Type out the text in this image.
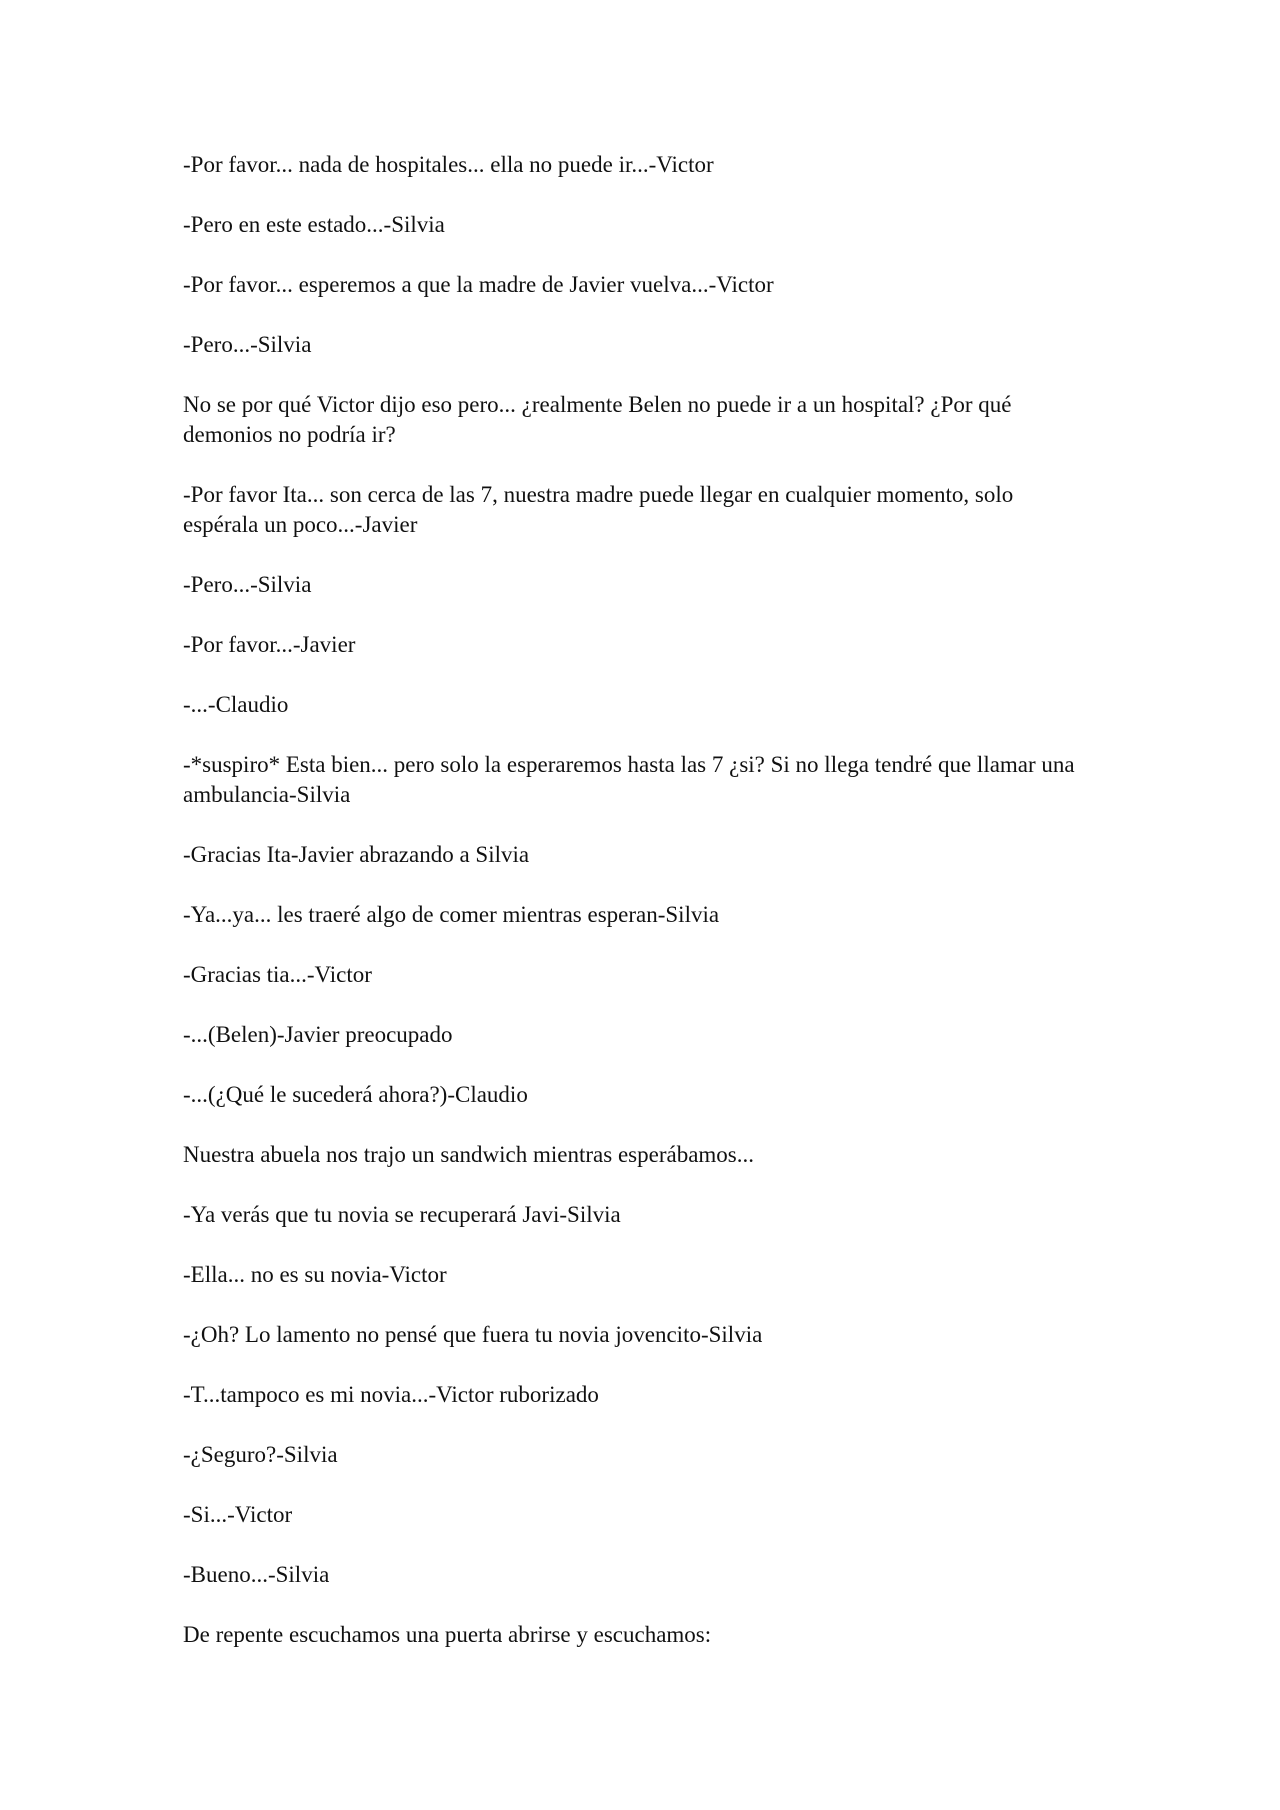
-Por favor... nada de hospitales... ella no puede ir...-Victor

-Pero en este estado...-Silvia

-Por favor... esperemos a que la madre de Javier vuelva...-Victor

-Pero...-Silvia

No se por qué Victor dijo eso pero... ¿realmente Belen no puede ir a un hospital? ¿Por qué demonios no podría ir?

-Por favor Ita... son cerca de las 7, nuestra madre puede llegar en cualquier momento, solo espérala un poco...-Javier

-Pero...-Silvia

-Por favor...-Javier

-...-Claudio

-*suspiro* Esta bien... pero solo la esperaremos hasta las 7 ¿si? Si no llega tendré que llamar una ambulancia-Silvia

-Gracias Ita-Javier abrazando a Silvia

-Ya...ya... les traeré algo de comer mientras esperan-Silvia

-Gracias tia...-Victor

-...(Belen)-Javier preocupado

-...(¿Qué le sucederá ahora?)-Claudio

Nuestra abuela nos trajo un sandwich mientras esperábamos...

-Ya verás que tu novia se recuperará Javi-Silvia

-Ella... no es su novia-Victor

-¿Oh? Lo lamento no pensé que fuera tu novia jovencito-Silvia

-T...tampoco es mi novia...-Victor ruborizado

-¿Seguro?-Silvia

-Si...-Victor

-Bueno...-Silvia

De repente escuchamos una puerta abrirse y escuchamos:
